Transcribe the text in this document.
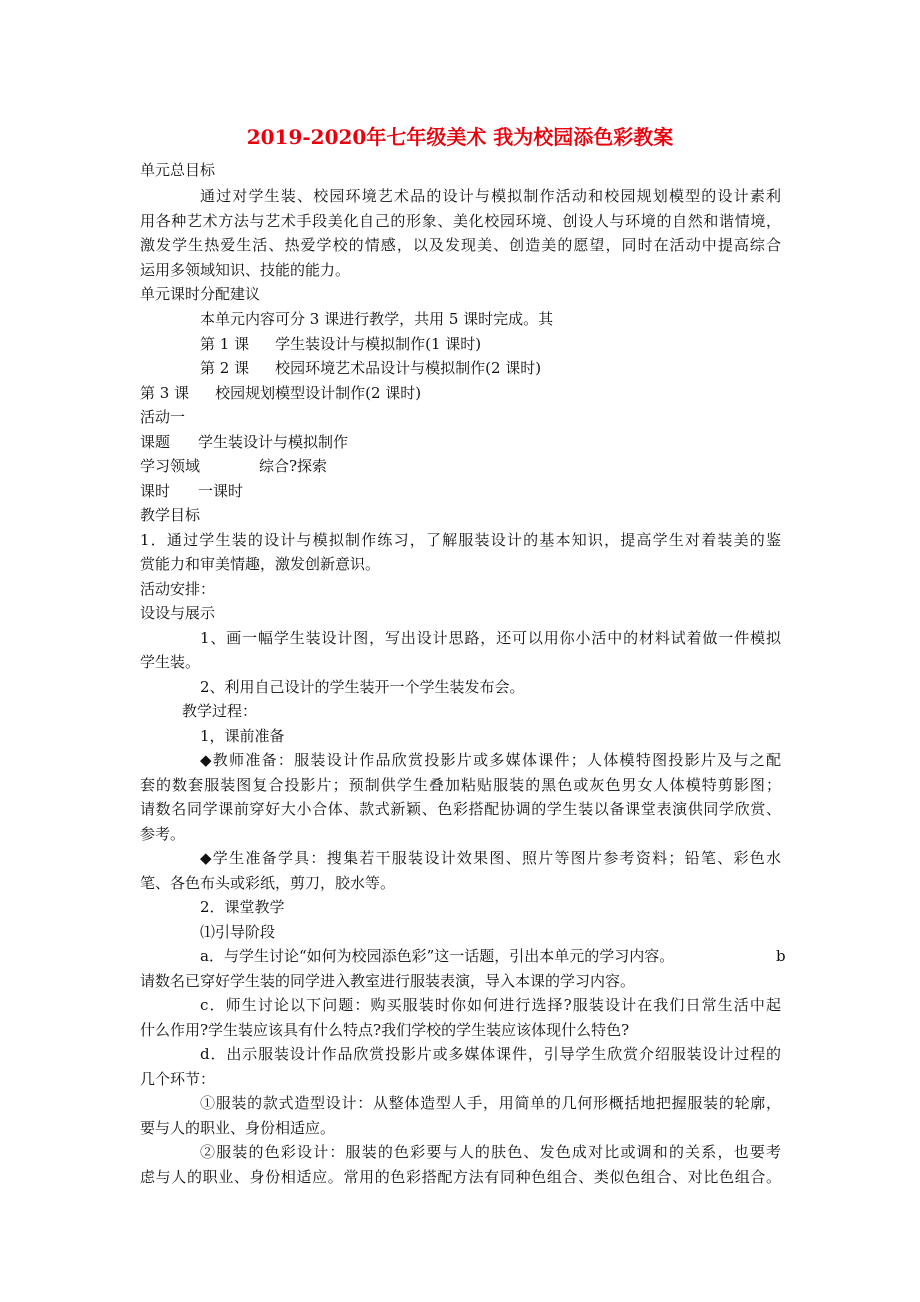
2019-2020年七年级美术 我为校园添色彩教案
单元总目标
通过对学生装、校园环境艺术品的设计与模拟制作活动和校园规划模型的设计素利
用各种艺术方法与艺术手段美化自己的形象、美化校园环境、创设人与环境的自然和谐情境，
激发学生热爱生活、热爱学校的情感，以及发现美、创造美的愿望，同时在活动中提高综合
运用多领域知识、技能的能力。
单元课时分配建议
本单元内容可分 3 课进行教学，共用 5 课时完成。其
第 1 课 学生装设计与模拟制作(1 课时)
第 2 课 校园环境艺术品设计与模拟制作(2 课时)
第 3 课 校园规划模型设计制作(2 课时)
活动一
课题 学生装设计与模拟制作
学习领域	综合?探索
课时 一课时
教学目标
1．通过学生装的设计与模拟制作练习，了解服装设计的基本知识，提高学生对着装美的鉴
赏能力和审美情趣，激发创新意识。
活动安排：
设设与展示
1、画一幅学生装设计图，写出设计思路，还可以用你小活中的材料试着做一件模拟
学生装。
2、利用自己设计的学生装开一个学生装发布会。
教学过程：
1，课前准备
◆教师准备：服装设计作品欣赏投影片或多媒体课件；人体模特图投影片及与之配
套的数套服装图复合投影片；预制供学生叠加粘贴服装的黑色或灰色男女人体模特剪影图；
请数名同学课前穿好大小合体、款式新颖、色彩搭配协调的学生装以备课堂表演供同学欣赏、
参考。
◆学生准备学具：搜集若干服装设计效果图、照片等图片参考资料；铅笔、彩色水
笔、各色布头或彩纸，剪刀，胶水等。
2．课堂教学
⑴引导阶段
a．与学生讨论“如何为校园添色彩”这一话题，引出本单元的学习内容。	b
请数名已穿好学生装的同学进入教室进行服装表演，导入本课的学习内容。
c．师生讨论以下问题：购买服装时你如何进行选择?服装设计在我们日常生活中起
什么作用?学生装应该具有什么特点?我们学校的学生装应该体现什么特色?
d．出示服装设计作品欣赏投影片或多媒体课件，引导学生欣赏介绍服装设计过程的
几个环节：
①服装的款式造型设计：从整体造型人手，用简单的几何形概括地把握服装的轮廓，
要与人的职业、身份相适应。
②服装的色彩设计：服装的色彩要与人的肤色、发色成对比或调和的关系，也要考
虑与人的职业、身份相适应。常用的色彩搭配方法有同种色组合、类似色组合、对比色组合。
